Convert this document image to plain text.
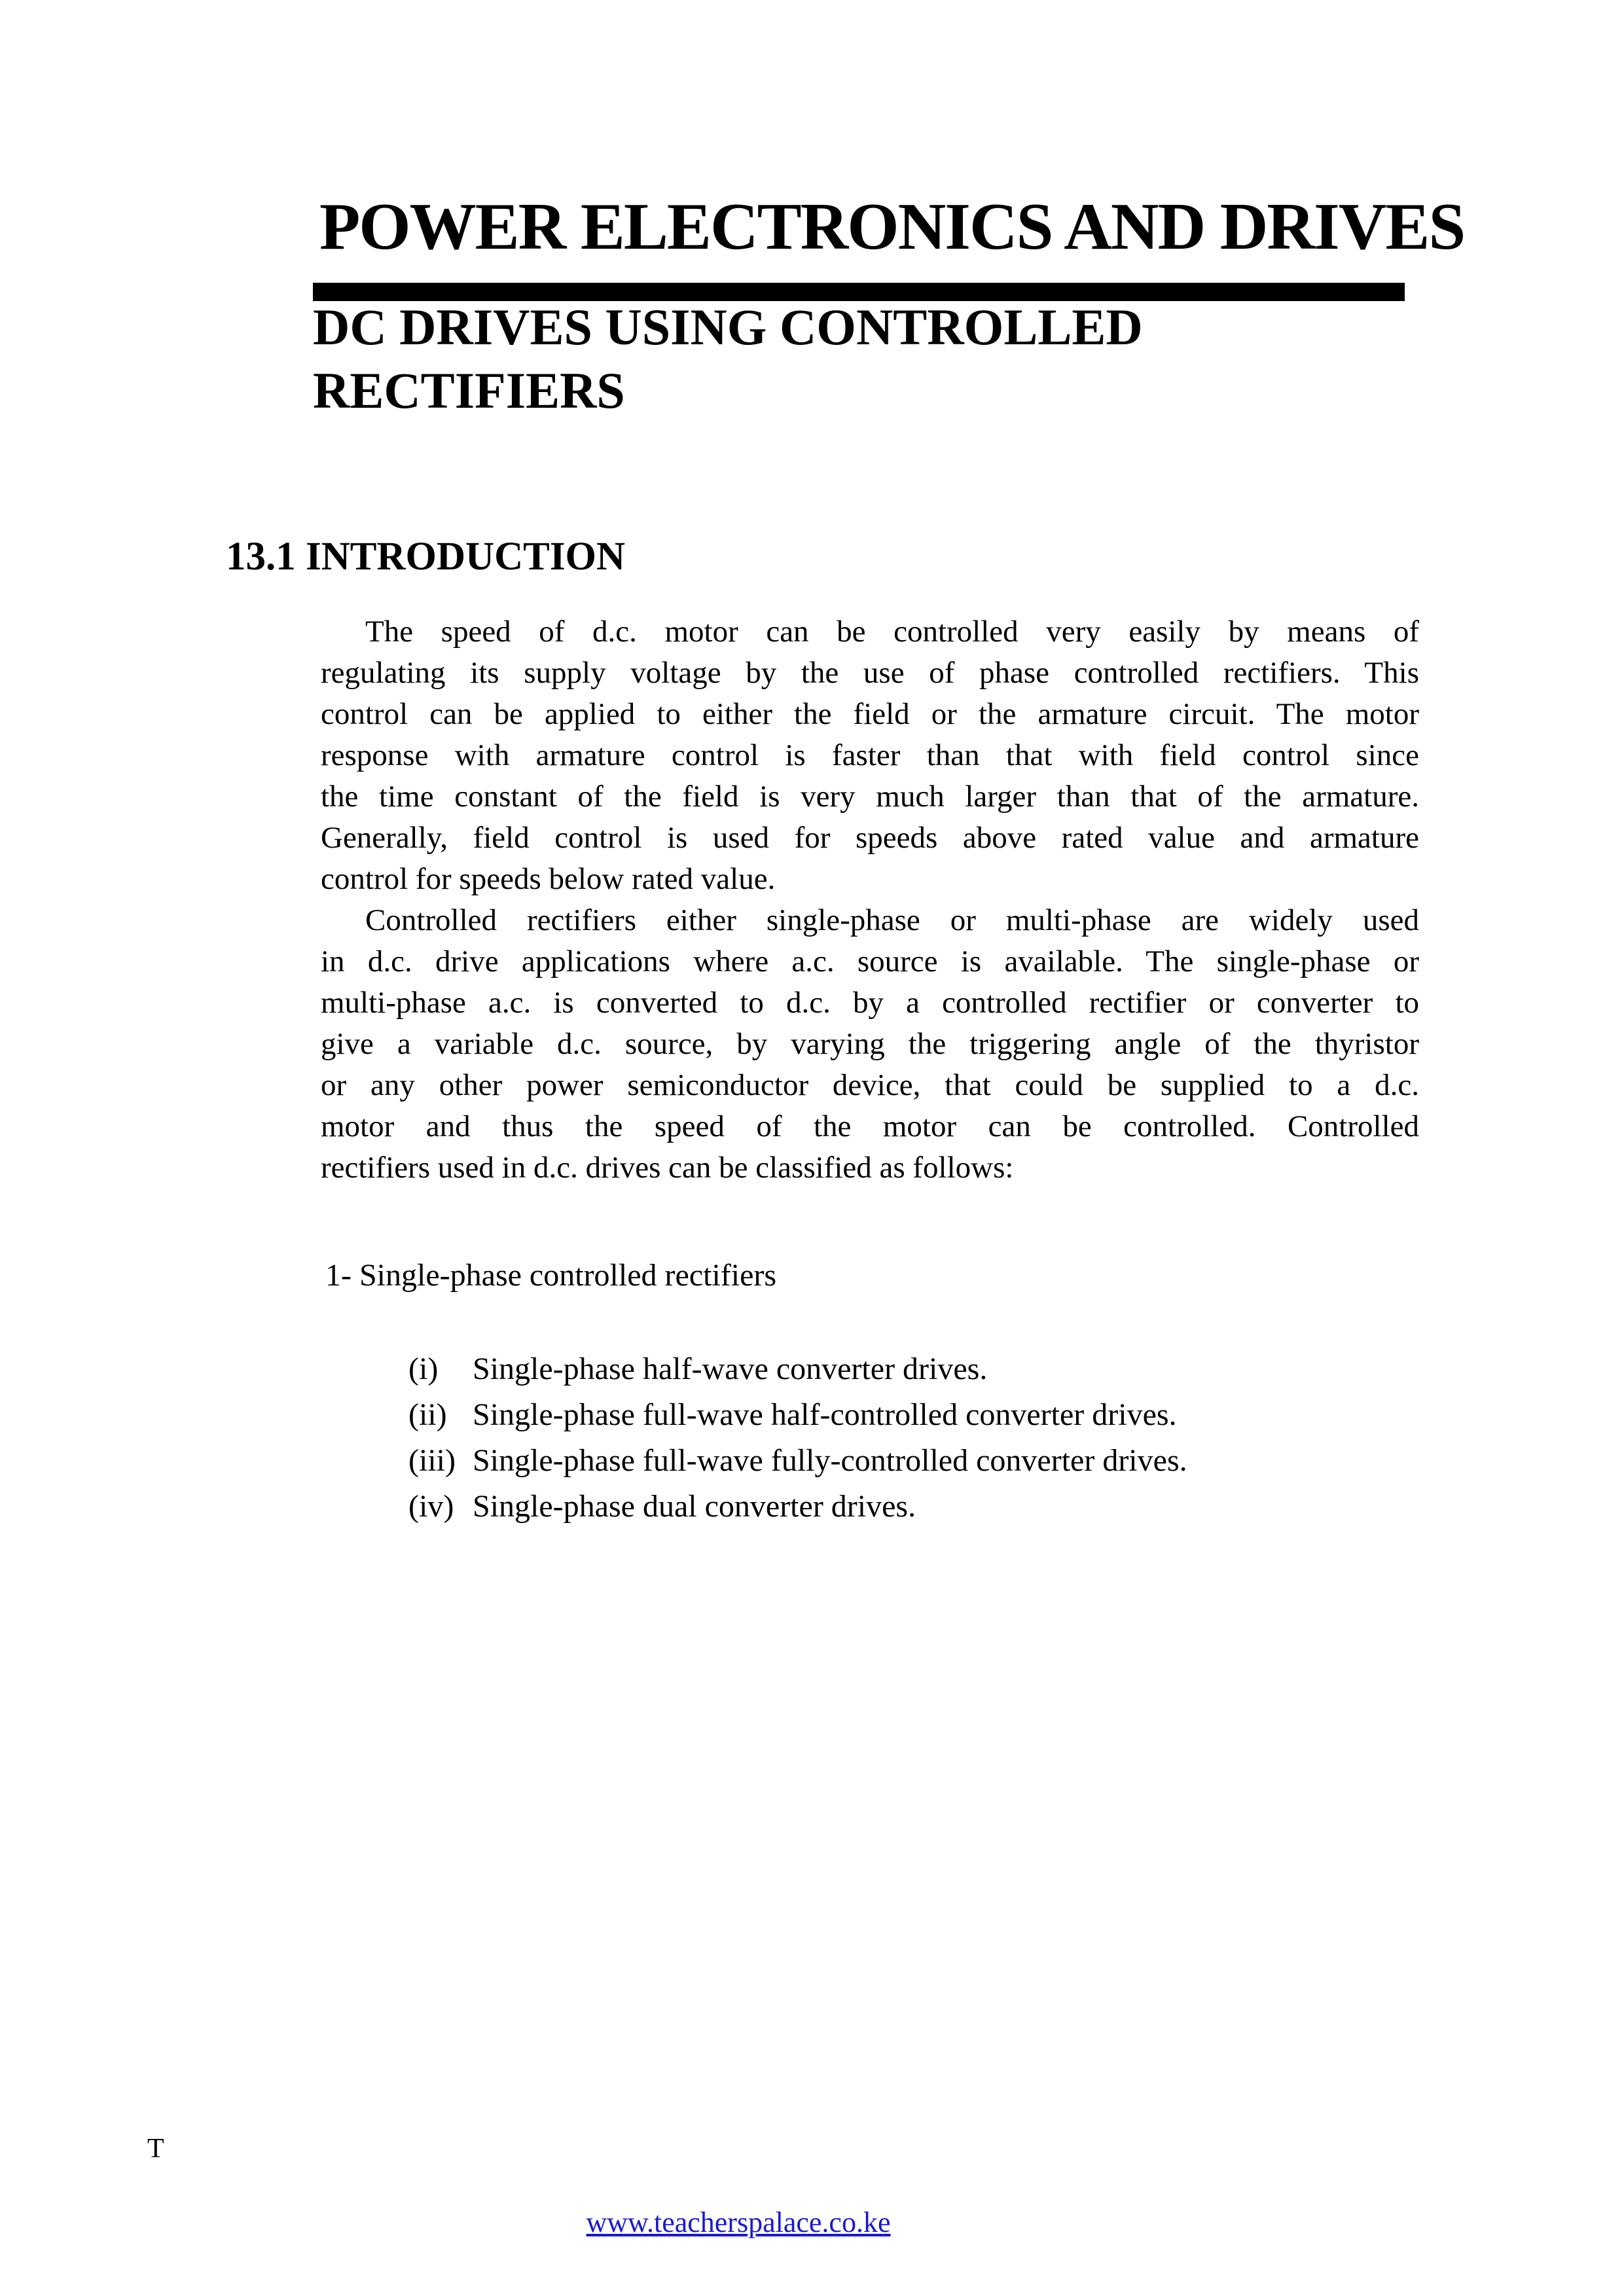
POWER ELECTRONICS AND DRIVES
DC DRIVES USING CONTROLLED
RECTIFIERS
13.1 INTRODUCTION
The speed of d.c. motor can be controlled very easily by means of
regulating its supply voltage by the use of phase controlled rectifiers. This
control can be applied to either the field or the armature circuit. The motor
response with armature control is faster than that with field control since
the time constant of the field is very much larger than that of the armature.
Generally, field control is used for speeds above rated value and armature
control for speeds below rated value.
Controlled rectifiers either single-phase or multi-phase are widely used
in d.c. drive applications where a.c. source is available. The single-phase or
multi-phase a.c. is converted to d.c. by a controlled rectifier or converter to
give a variable d.c. source, by varying the triggering angle of the thyristor
or any other power semiconductor device, that could be supplied to a d.c.
motor and thus the speed of the motor can be controlled. Controlled
rectifiers used in d.c. drives can be classified as follows:
1- Single-phase controlled rectifiers
(i)	Single-phase half-wave converter drives.
(ii) Single-phase full-wave half-controlled converter drives.
(iii) Single-phase full-wave fully-controlled converter drives.
(iv) Single-phase dual converter drives.
T
www.teacherspalace.co.ke
